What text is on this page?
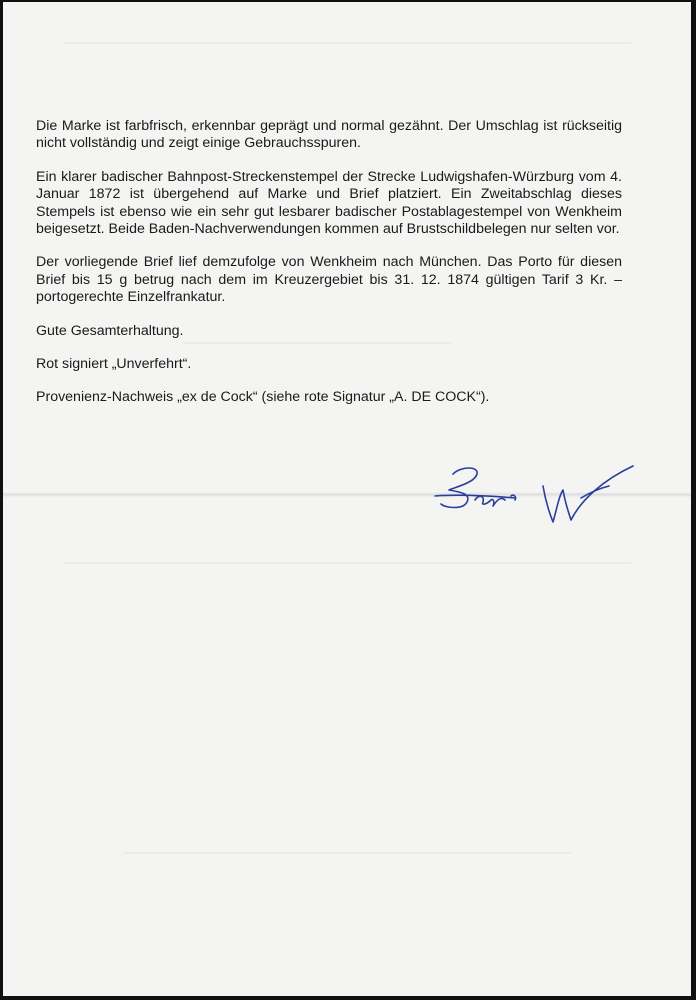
Die Marke ist farbfrisch, erkennbar geprägt und normal gezähnt. Der Umschlag ist rückseitig nicht vollständig und zeigt einige Gebrauchsspuren.

Ein klarer badischer Bahnpost-Streckenstempel der Strecke Ludwigshafen-Würzburg vom 4. Januar 1872 ist übergehend auf Marke und Brief platziert. Ein Zweitabschlag dieses Stempels ist ebenso wie ein sehr gut lesbarer badischer Postablagestempel von Wenkheim beigesetzt. Beide Baden-Nachverwendungen kommen auf Brustschildbelegen nur selten vor.

Der vorliegende Brief lief demzufolge von Wenkheim nach München. Das Porto für diesen Brief bis 15 g betrug nach dem im Kreuzergebiet bis 31. 12. 1874 gültigen Tarif 3 Kr. – portogerechte Einzelfrankatur.

Gute Gesamterhaltung.

Rot signiert „Unverfehrt“.

Provenienz-Nachweis „ex de Cock“ (siehe rote Signatur „A. DE COCK“).
